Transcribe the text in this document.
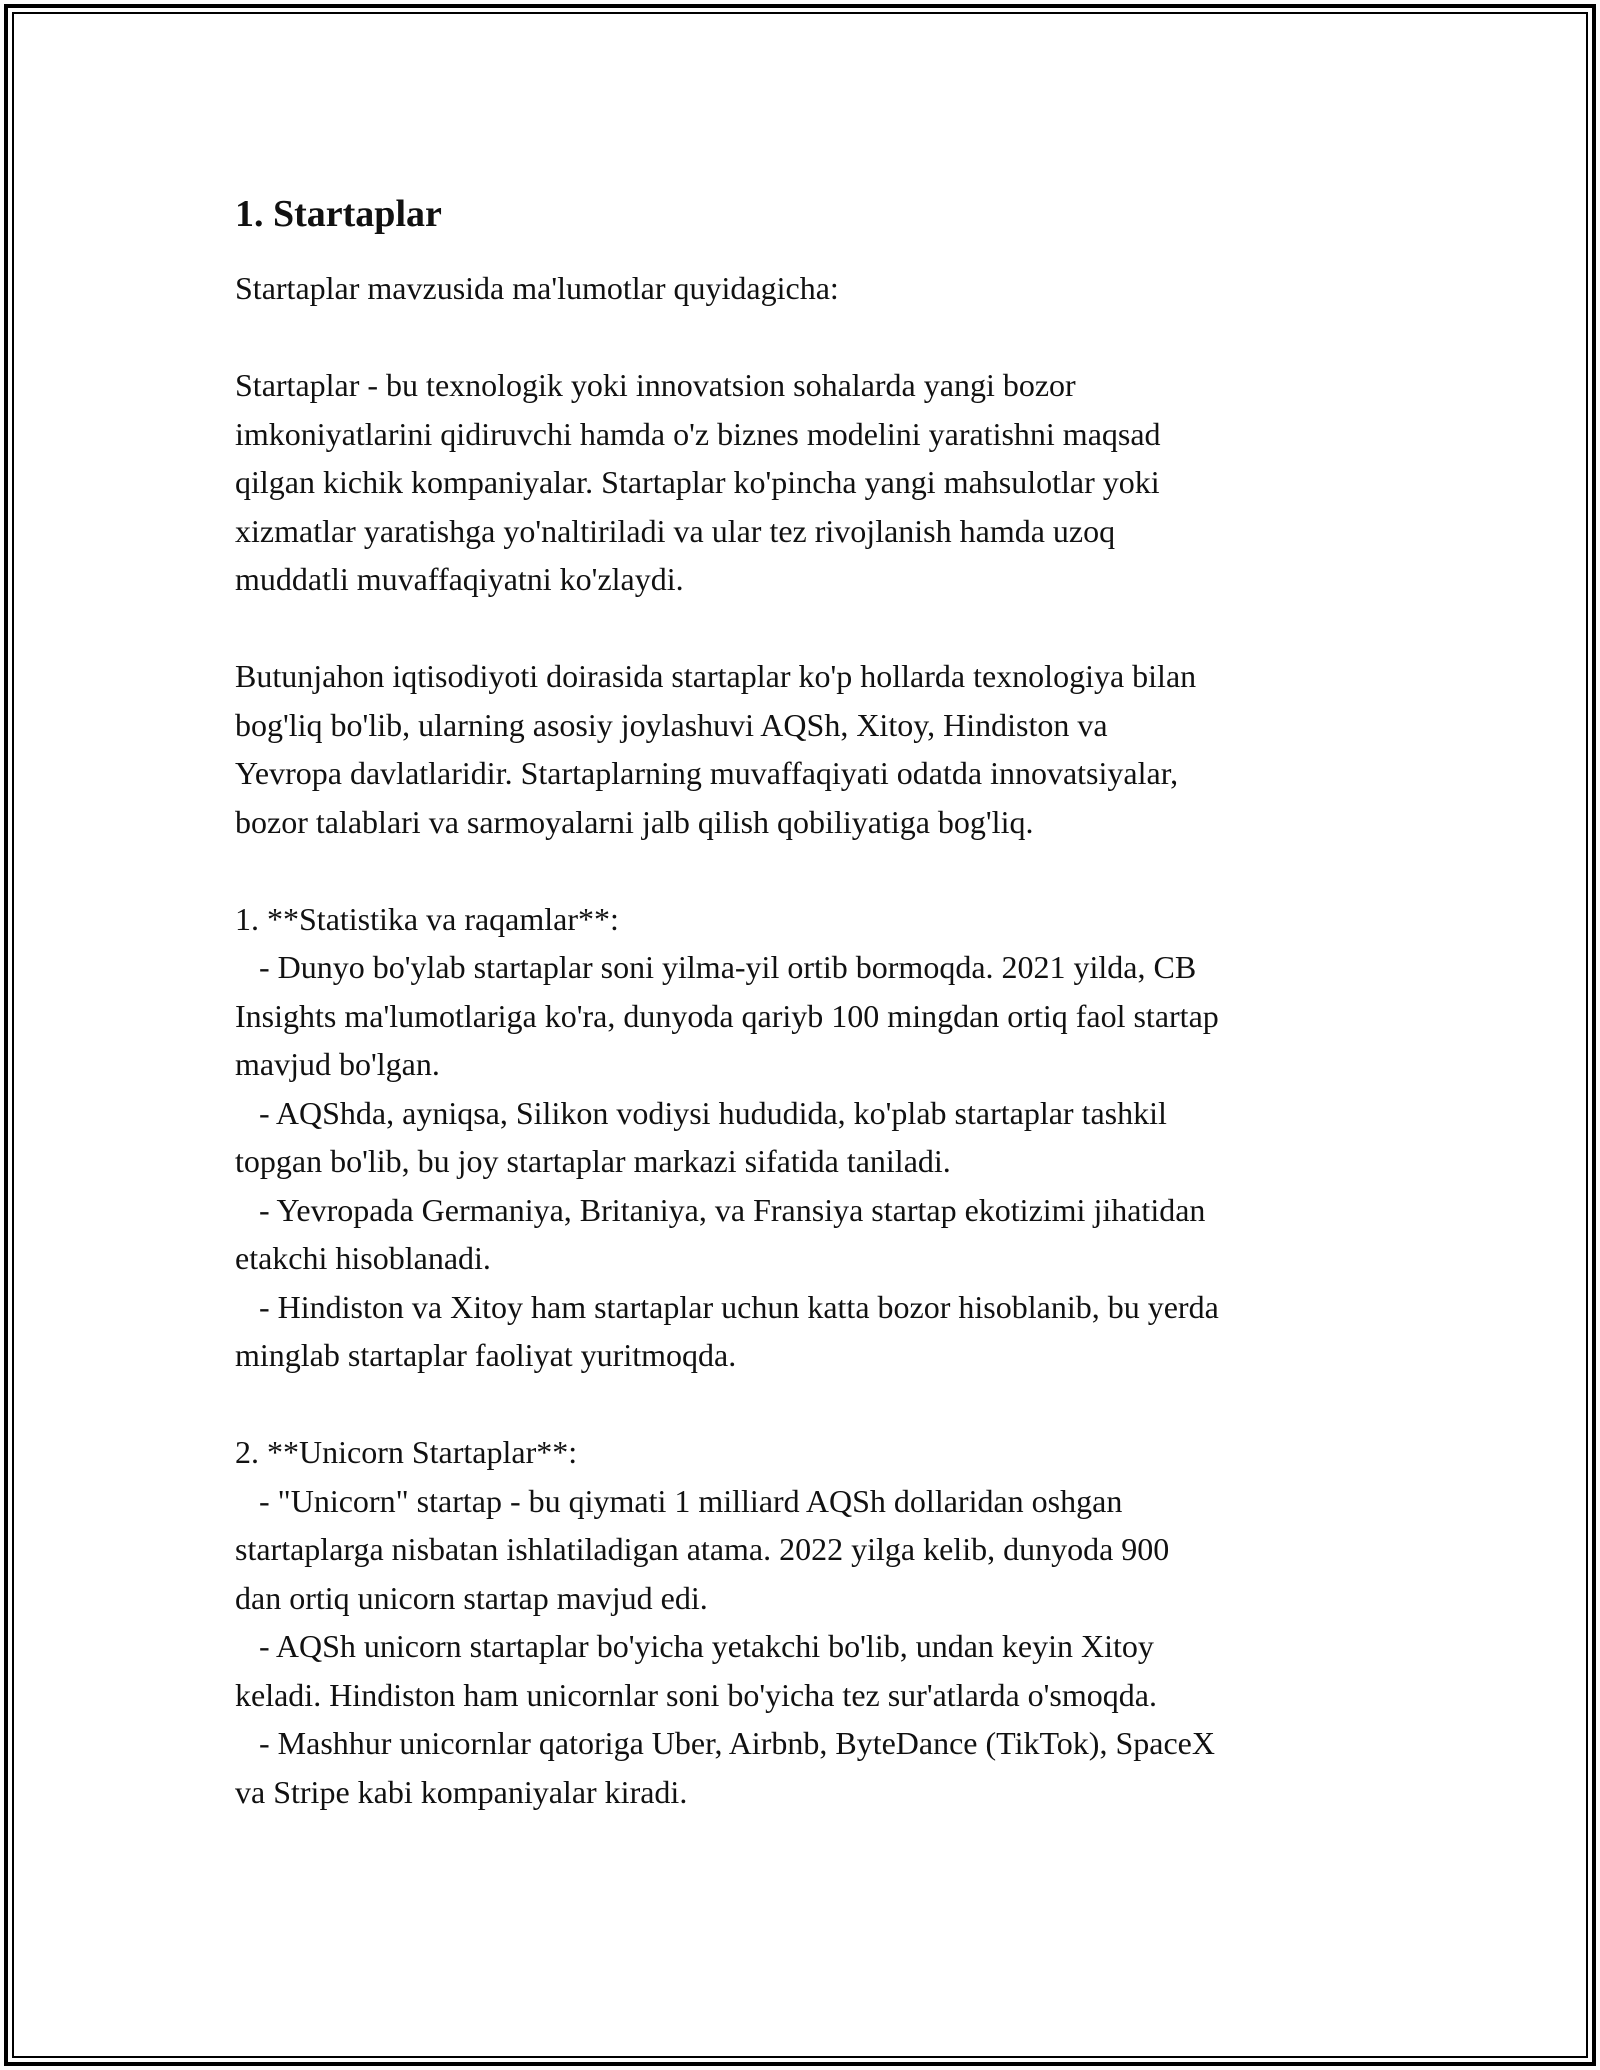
1. Startaplar

Startaplar mavzusida ma'lumotlar quyidagicha:

Startaplar - bu texnologik yoki innovatsion sohalarda yangi bozor
imkoniyatlarini qidiruvchi hamda o'z biznes modelini yaratishni maqsad
qilgan kichik kompaniyalar. Startaplar ko'pincha yangi mahsulotlar yoki
xizmatlar yaratishga yo'naltiriladi va ular tez rivojlanish hamda uzoq
muddatli muvaffaqiyatni ko'zlaydi.

Butunjahon iqtisodiyoti doirasida startaplar ko'p hollarda texnologiya bilan
bog'liq bo'lib, ularning asosiy joylashuvi AQSh, Xitoy, Hindiston va
Yevropa davlatlaridir. Startaplarning muvaffaqiyati odatda innovatsiyalar,
bozor talablari va sarmoyalarni jalb qilish qobiliyatiga bog'liq.

1. **Statistika va raqamlar**:
- Dunyo bo'ylab startaplar soni yilma-yil ortib bormoqda. 2021 yilda, CB
Insights ma'lumotlariga ko'ra, dunyoda qariyb 100 mingdan ortiq faol startap
mavjud bo'lgan.
- AQShda, ayniqsa, Silikon vodiysi hududida, ko'plab startaplar tashkil
topgan bo'lib, bu joy startaplar markazi sifatida taniladi.
- Yevropada Germaniya, Britaniya, va Fransiya startap ekotizimi jihatidan
etakchi hisoblanadi.
- Hindiston va Xitoy ham startaplar uchun katta bozor hisoblanib, bu yerda
minglab startaplar faoliyat yuritmoqda.

2. **Unicorn Startaplar**:
- "Unicorn" startap - bu qiymati 1 milliard AQSh dollaridan oshgan
startaplarga nisbatan ishlatiladigan atama. 2022 yilga kelib, dunyoda 900
dan ortiq unicorn startap mavjud edi.
- AQSh unicorn startaplar bo'yicha yetakchi bo'lib, undan keyin Xitoy
keladi. Hindiston ham unicornlar soni bo'yicha tez sur'atlarda o'smoqda.
- Mashhur unicornlar qatoriga Uber, Airbnb, ByteDance (TikTok), SpaceX
va Stripe kabi kompaniyalar kiradi.
